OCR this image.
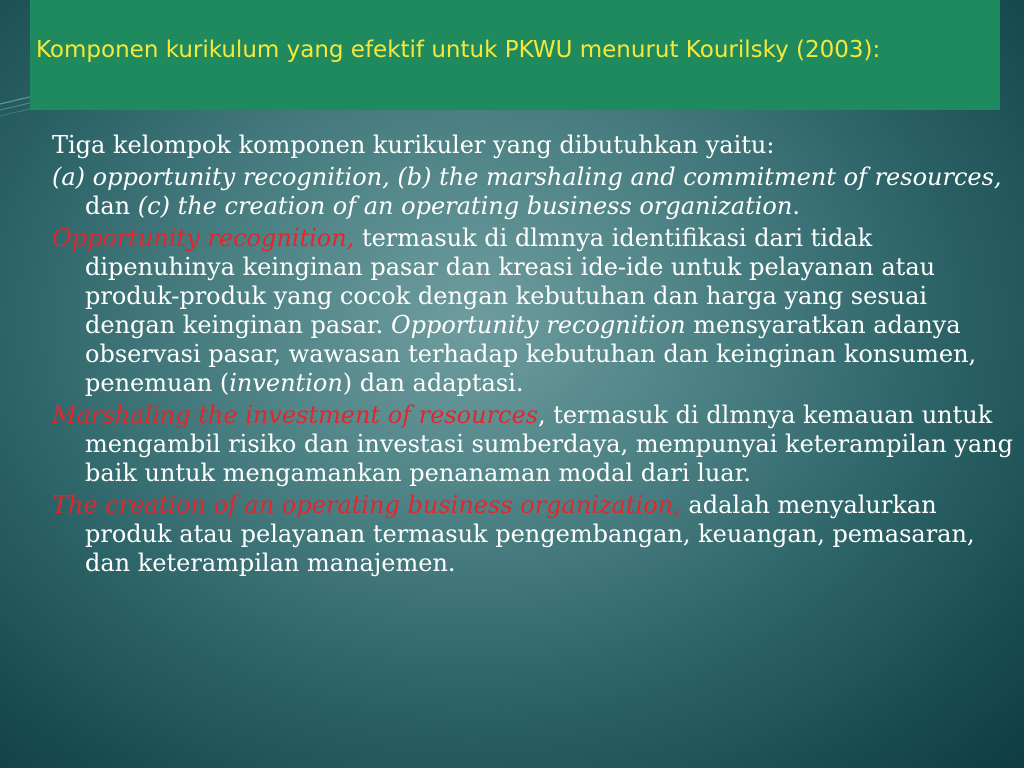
Komponen kurikulum yang efektif untuk PKWU menurut Kourilsky (2003):

Tiga kelompok komponen kurikuler yang dibutuhkan yaitu:

(a) opportunity recognition, (b) the marshaling and commitment of resources, dan (c) the creation of an operating business organization.

Opportunity recognition, termasuk di dlmnya identifikasi dari tidak dipenuhinya keinginan pasar dan kreasi ide-ide untuk pelayanan atau produk-produk yang cocok dengan kebutuhan dan harga yang sesuai dengan keinginan pasar. Opportunity recognition mensyaratkan adanya observasi pasar, wawasan terhadap kebutuhan dan keinginan konsumen, penemuan (invention) dan adaptasi.

Marshaling the investment of resources, termasuk di dlmnya kemauan untuk mengambil risiko dan investasi sumberdaya, mempunyai keterampilan yang baik untuk mengamankan penanaman modal dari luar.

The creation of an operating business organization, adalah menyalurkan produk atau pelayanan termasuk pengembangan, keuangan, pemasaran, dan keterampilan manajemen.
